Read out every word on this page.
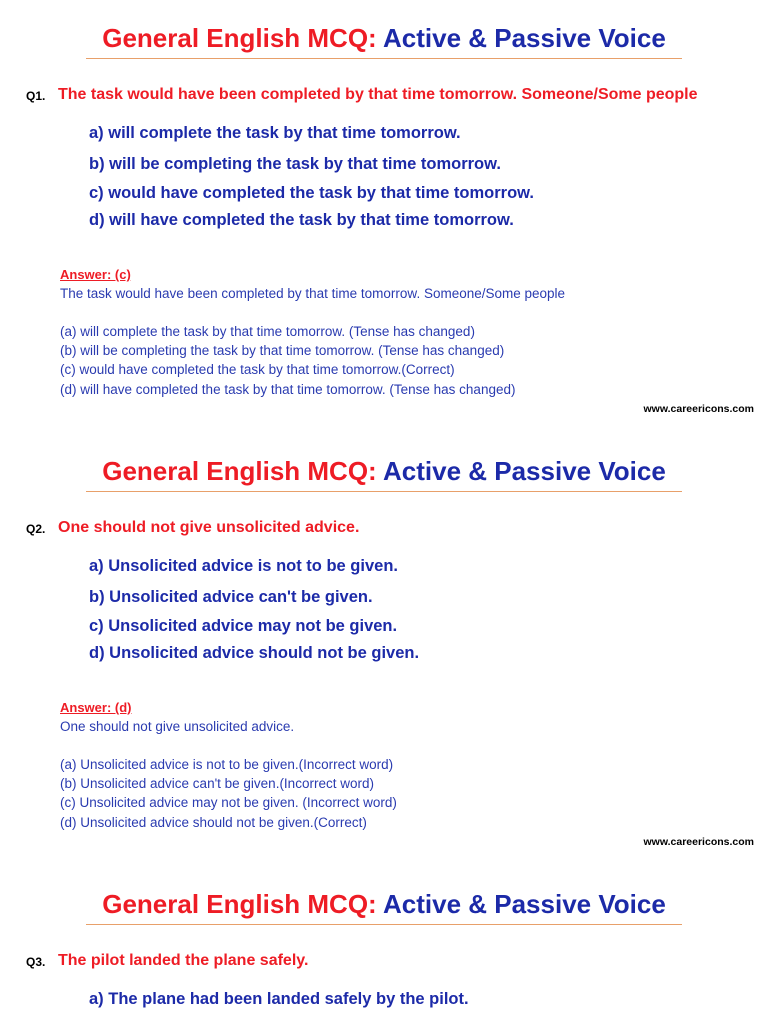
General English MCQ: Active & Passive Voice
Q1. The task would have been completed by that time tomorrow. Someone/Some people
a) will complete the task by that time tomorrow.
b) will be completing the task by that time tomorrow.
c) would have completed the task by that time tomorrow.
d) will have completed the task by that time tomorrow.
Answer: (c)
The task would have been completed by that time tomorrow. Someone/Some people
(a) will complete the task by that time tomorrow. (Tense has changed)
(b) will be completing the task by that time tomorrow. (Tense has changed)
(c) would have completed the task by that time tomorrow.(Correct)
(d) will have completed the task by that time tomorrow. (Tense has changed)
www.careericons.com
General English MCQ: Active & Passive Voice
Q2. One should not give unsolicited advice.
a) Unsolicited advice is not to be given.
b) Unsolicited advice can't be given.
c) Unsolicited advice may not be given.
d) Unsolicited advice should not be given.
Answer: (d)
One should not give unsolicited advice.
(a) Unsolicited advice is not to be given.(Incorrect word)
(b) Unsolicited advice can't be given.(Incorrect word)
(c) Unsolicited advice may not be given. (Incorrect word)
(d) Unsolicited advice should not be given.(Correct)
www.careericons.com
General English MCQ: Active & Passive Voice
Q3. The pilot landed the plane safely.
a) The plane had been landed safely by the pilot.
